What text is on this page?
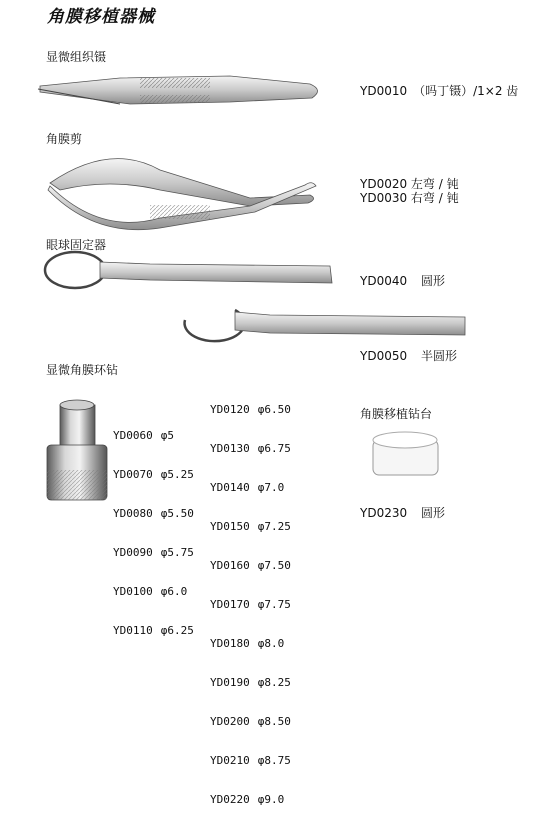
角膜移植器械
显微组织镊
YD0010　（吗丁镊）/1×2 齿
角膜剪
YD0020 左弯 / 钝
YD0030 右弯 / 钝
眼球固定器
YD0040 圆形
YD0050 半圆形
显微角膜环钻

YD0060 φ5

YD0070 φ5.25

YD0080 φ5.50

YD0090 φ5.75

YD0100 φ6.0

YD0110 φ6.25

YD0120 φ6.50

YD0130 φ6.75

YD0140 φ7.0

YD0150 φ7.25

YD0160 φ7.50

YD0170 φ7.75

YD0180 φ8.0

YD0190 φ8.25

YD0200 φ8.50

YD0210 φ8.75

YD0220 φ9.0

角膜移植钻台
YD0230 圆形
